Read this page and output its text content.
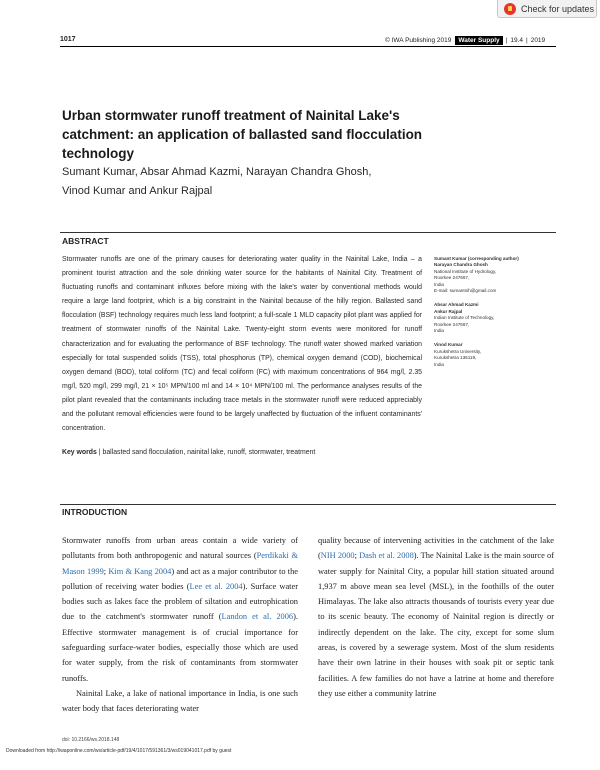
Check for updates
1017	© IWA Publishing 2019	Water Supply | 19.4 | 2019
Urban stormwater runoff treatment of Nainital Lake's catchment: an application of ballasted sand flocculation technology
Sumant Kumar, Absar Ahmad Kazmi, Narayan Chandra Ghosh, Vinod Kumar and Ankur Rajpal
ABSTRACT
Stormwater runoffs are one of the primary causes for deteriorating water quality in the Nainital Lake, India – a prominent tourist attraction and the sole drinking water source for the habitants of Nainital City. Treatment of fluctuating runoffs and contaminant influxes before mixing with the lake's water by conventional methods would require a large land footprint, which is a big constraint in the Nainital because of the hilly region. Ballasted sand flocculation (BSF) technology requires much less land footprint; a full-scale 1 MLD capacity pilot plant was applied for treatment of stormwater runoffs of the Nainital Lake. Twenty-eight storm events were monitored for runoff characterization and for evaluating the performance of BSF technology. The runoff water showed marked variation especially for total suspended solids (TSS), total phosphorus (TP), chemical oxygen demand (COD), biochemical oxygen demand (BOD), total coliform (TC) and fecal coliform (FC) with maximum concentrations of 964 mg/l, 2.35 mg/l, 520 mg/l, 299 mg/l, 21 × 10⁵ MPN/100 ml and 14 × 10⁴ MPN/100 ml. The performance analyses results of the pilot plant revealed that the contaminants including trace metals in the stormwater runoff were reduced appreciably and the pollutant removal efficiencies were found to be largely unaffected by fluctuation of the influent contaminants' concentration.
Key words | ballasted sand flocculation, nainital lake, runoff, stormwater, treatment
Sumant Kumar (corresponding author)
Narayan Chandra Ghosh
National Institute of Hydrology,
Roorkee 247667,
India
E-mail: sumantnih@gmail.com
Absar Ahmad Kazmi
Ankur Rajpal
Indian Institute of Technology,
Roorkee 247667,
India
Vinod Kumar
Kurukshetra University,
Kurukshetra 136119,
India
INTRODUCTION

Stormwater runoffs from urban areas contain a wide variety of pollutants from both anthropogenic and natural sources (Perdikaki & Mason 1999; Kim & Kang 2004) and act as a major contributor to the pollution of receiving water bodies (Lee et al. 2004). Surface water bodies such as lakes face the problem of siltation and eutrophication due to the catchment's stormwater runoff (Landon et al. 2006). Effective stormwater management is of crucial importance for safeguarding surface-water bodies, especially those which are used for water supply, from the risk of contaminants from stormwater runoffs.

Nainital Lake, a lake of national importance in India, is one such water body that faces deteriorating water

quality because of intervening activities in the catchment of the lake (NIH 2000; Dash et al. 2008). The Nainital Lake is the main source of water supply for Nainital City, a popular hill station situated around 1,937 m above mean sea level (MSL), in the foothills of the outer Himalayas. The lake also attracts thousands of tourists every year due to its scenic beauty. The economy of Nainital region is directly or indirectly dependent on the lake. The city, except for some slum areas, is covered by a sewerage system. Most of the slum residents have their own latrine in their houses with soak pit or septic tank facilities. A few families do not have a latrine at home and therefore they use either a community latrine

doi: 10.2166/ws.2018.148
Downloaded from http://iwaponline.com/ws/article-pdf/19/4/1017/591361/3/ws019041017.pdf by guest
